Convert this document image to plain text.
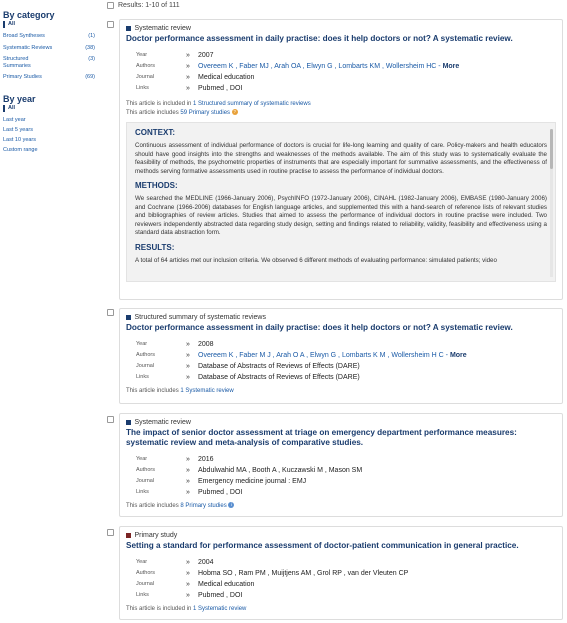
By category
All
Broad Syntheses	(1)
Systematic Reviews	(38)
Structured Summaries
(3)
Primary Studies	(69)
By year
All
Last year
Last 5 years
Last 10 years
Custom range
Results: 1-10 of 111
Systematic review
Doctor performance assessment in daily practise: does it help doctors or not? A systematic review.
Year	»	2007
Authors	»	Overeem K , Faber MJ , Arah OA , Elwyn G , Lombarts KM , Wollersheim HC - More
Journal	»	Medical education
Links	»	Pubmed , DOI
This article is included in 1 Structured summary of systematic reviews
This article includes 59 Primary studies ?
CONTEXT:

Continuous assessment of individual performance of doctors is crucial for life-long learning and quality of care. Policy-makers and health educators should have good insights into the strengths and weaknesses of the methods available. The aim of this study was to systematically evaluate the feasibility of methods, the psychometric properties of instruments that are especially important for summative assessments, and the effectiveness of methods serving formative assessments used in routine practise to assess the performance of individual doctors.

METHODS:

We searched the MEDLINE (1966-January 2006), PsychINFO (1972-January 2006), CINAHL (1982-January 2006), EMBASE (1980-January 2006) and Cochrane (1966-2006) databases for English language articles, and supplemented this with a hand-search of reference lists of relevant studies and bibliographies of review articles. Studies that aimed to assess the performance of individual doctors in routine practise were included. Two reviewers independently abstracted data regarding study design, setting and findings related to reliability, validity, feasibility and effectiveness using a standard data abstraction form.

RESULTS:

A total of 64 articles met our inclusion criteria. We observed 6 different methods of evaluating performance: simulated patients; video

Structured summary of systematic reviews
Doctor performance assessment in daily practise: does it help doctors or not? A systematic review.
Year	»	2008
Authors	»	Overeem K , Faber M J , Arah O A , Elwyn G , Lombarts K M , Wollersheim H C - More
Journal	»	Database of Abstracts of Reviews of Effects (DARE)
Links	»	Database of Abstracts of Reviews of Effects (DARE)
This article includes 1 Systematic review
Systematic review
The impact of senior doctor assessment at triage on emergency department performance measures: systematic review and meta-analysis of comparative studies.
Year	»	2016
Authors	»	Abdulwahid MA , Booth A , Kuczawski M , Mason SM
Journal	»	Emergency medicine journal : EMJ
Links	»	Pubmed , DOI
This article includes 8 Primary studies i
Primary study
Setting a standard for performance assessment of doctor-patient communication in general practice.
Year	»	2004
Authors	»	Hobma SO , Ram PM , Muijtjens AM , Grol RP , van der Vleuten CP
Journal	»	Medical education
Links	»	Pubmed , DOI
This article is included in 1 Systematic review
